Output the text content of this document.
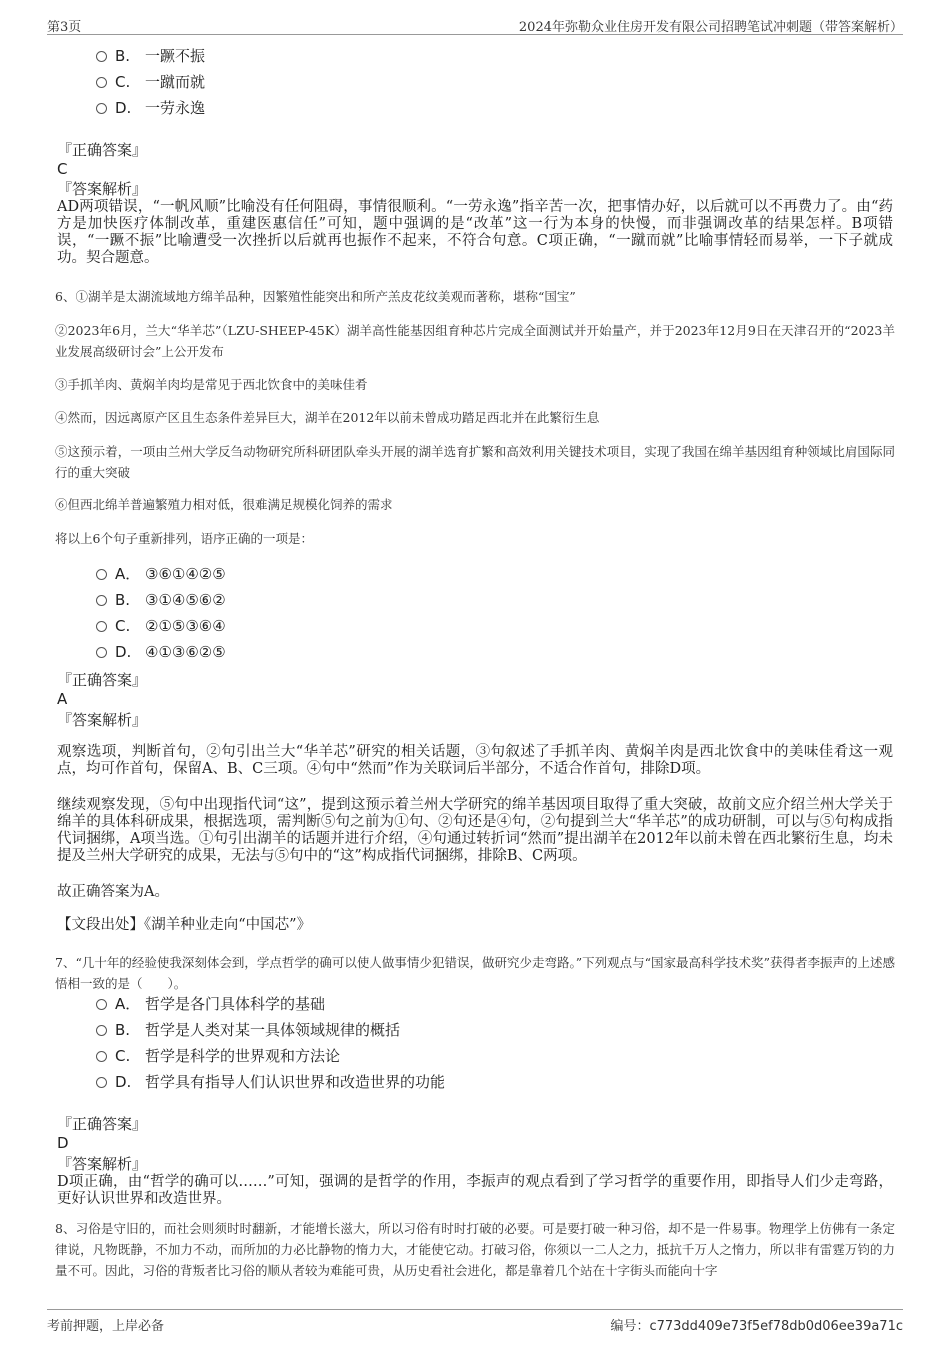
第3页	2024年弥勒众业住房开发有限公司招聘笔试冲刺题（带答案解析）
B. 一蹶不振
C. 一蹴而就
D. 一劳永逸
『正确答案』
C
『答案解析』
AD两项错误，“一帆风顺”比喻没有任何阻碍，事情很顺利。“一劳永逸”指辛苦一次，把事情办好，以后就可以不再费力了。由“药方是加快医疗体制改革，重建医惠信任”可知，题中强调的是“改革”这一行为本身的快慢，而非强调改革的结果怎样。B项错误，“一蹶不振”比喻遭受一次挫折以后就再也振作不起来，不符合句意。C项正确，“一蹴而就”比喻事情轻而易举，一下子就成功。契合题意。
6、①湖羊是太湖流域地方绵羊品种，因繁殖性能突出和所产羔皮花纹美观而著称，堪称“国宝”
②2023年6月，兰大“华羊芯”（LZU-SHEEP-45K）湖羊高性能基因组育种芯片完成全面测试并开始量产，并于2023年12月9日在天津召开的“2023羊业发展高级研讨会”上公开发布
③手抓羊肉、黄焖羊肉均是常见于西北饮食中的美味佳肴
④然而，因远离原产区且生态条件差异巨大，湖羊在2012年以前未曾成功踏足西北并在此繁衍生息
⑤这预示着，一项由兰州大学反刍动物研究所科研团队牵头开展的湖羊选育扩繁和高效利用关键技术项目，实现了我国在绵羊基因组育种领域比肩国际同行的重大突破
⑥但西北绵羊普遍繁殖力相对低，很难满足规模化饲养的需求
将以上6个句子重新排列，语序正确的一项是：
A． ③⑥①④②⑤
B. ③①④⑤⑥②
C. ②①⑤③⑥④
D. ④①③⑥②⑤
『正确答案』
A
『答案解析』
观察选项，判断首句，②句引出兰大“华羊芯”研究的相关话题，③句叙述了手抓羊肉、黄焖羊肉是西北饮食中的美味佳肴这一观点，均可作首句，保留A、B、C三项。④句中“然而”作为关联词后半部分，不适合作首句，排除D项。
继续观察发现，⑤句中出现指代词“这”，提到这预示着兰州大学研究的绵羊基因项目取得了重大突破，故前文应介绍兰州大学关于绵羊的具体科研成果，根据选项，需判断⑤句之前为①句、②句还是④句，②句提到兰大“华羊芯”的成功研制，可以与⑤句构成指代词捆绑，A项当选。①句引出湖羊的话题并进行介绍，④句通过转折词“然而”提出湖羊在2012年以前未曾在西北繁衍生息，均未提及兰州大学研究的成果，无法与⑤句中的“这”构成指代词捆绑，排除B、C两项。
故正确答案为A。
【文段出处】《湖羊种业走向“中国芯”》
7、“几十年的经验使我深刻体会到，学点哲学的确可以使人做事情少犯错误，做研究少走弯路。”下列观点与“国家最高科学技术奖”获得者李振声的上述感悟相一致的是（　　）。
A． 哲学是各门具体科学的基础
B. 哲学是人类对某一具体领域规律的概括
C. 哲学是科学的世界观和方法论
D. 哲学具有指导人们认识世界和改造世界的功能
『正确答案』
D
『答案解析』
D项正确，由“哲学的确可以……”可知，强调的是哲学的作用，李振声的观点看到了学习哲学的重要作用，即指导人们少走弯路，更好认识世界和改造世界。
8、习俗是守旧的，而社会则须时时翻新，才能增长滋大，所以习俗有时时打破的必要。可是要打破一种习俗，却不是一件易事。物理学上仿佛有一条定律说，凡物既静，不加力不动，而所加的力必比静物的惰力大，才能使它动。打破习俗，你须以一二人之力，抵抗千万人之惰力，所以非有雷霆万钧的力量不可。因此，习俗的背叛者比习俗的顺从者较为难能可贵，从历史看社会进化，都是靠着几个站在十字街头而能向十字
考前押题，上岸必备	编号：c773dd409e73f5ef78db0d06ee39a71c
